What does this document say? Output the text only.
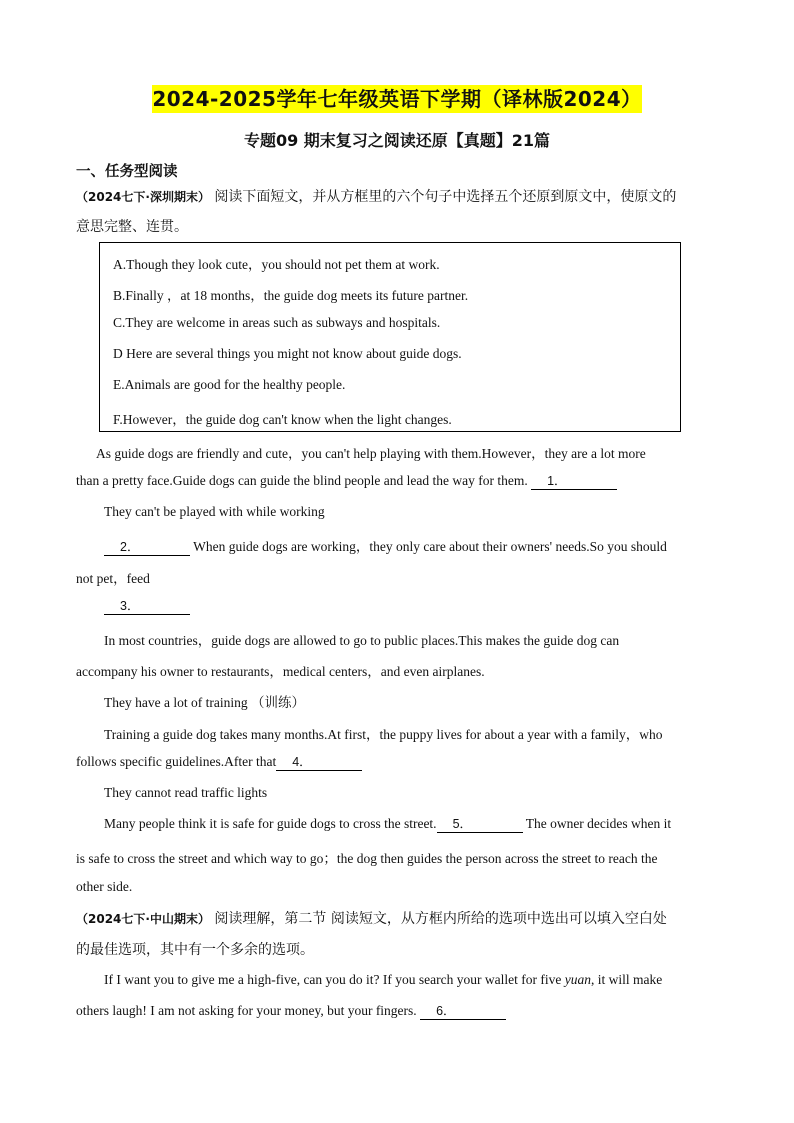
2024-2025学年七年级英语下学期（译林版2024）
专题09 期末复习之阅读还原【真题】21篇
一、任务型阅读
（2024七下·深圳期末） 阅读下面短文，并从方框里的六个句子中选择五个还原到原文中，使原文的
意思完整、连贯。
A.Though they look cute，you should not pet them at work.
B.Finally ，at 18 months，the guide dog meets its future partner.
C.They are welcome in areas such as subways and hospitals.
D Here are several things you might not know about guide dogs.
E.Animals are good for the healthy people.
F.However，the guide dog can't know when the light changes.
As guide dogs are friendly and cute，you can't help playing with them.However，they are a lot more
than a pretty face.Guide dogs can guide the blind people and lead the way for them. 1．
They can't be played with while working
2．	When guide dogs are working，they only care about their owners' needs.So you should
not pet，feed
3．
In most countries，guide dogs are allowed to go to public places.This makes the guide dog can
accompany his owner to restaurants，medical centers，and even airplanes.
They have a lot of training （训练）
Training a guide dog takes many months.At first，the puppy lives for about a year with a family，who
follows specific guidelines.After that 4．
They cannot read traffic lights
Many people think it is safe for guide dogs to cross the street. 5．	The owner decides when it
is safe to cross the street and which way to go；the dog then guides the person across the street to reach the
other side.
（2024七下·中山期末） 阅读理解，第二节 阅读短文，从方框内所给的选项中选出可以填入空白处
的最佳选项，其中有一个多余的选项。
If I want you to give me a high-five, can you do it? If you search your wallet for five yuan, it will make
others laugh! I am not asking for your money, but your fingers. 6．
